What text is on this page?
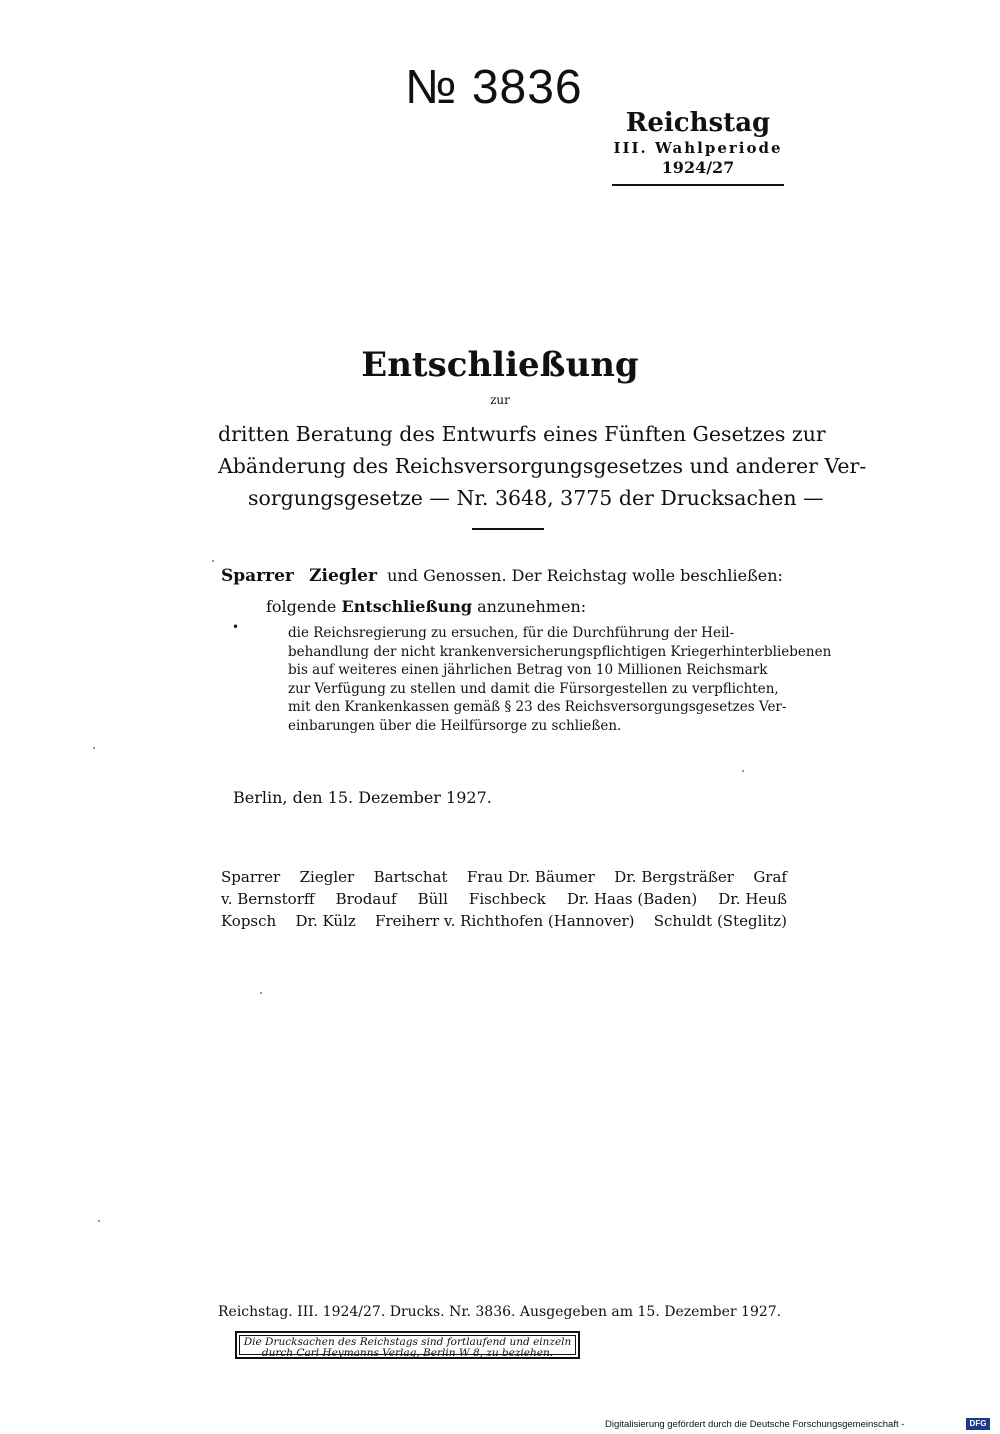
№ 3836
Reichstag
III. Wahlperiode
1924/27
Entschließung
zur
dritten Beratung des Entwurfs eines Fünften Gesetzes zur
Abänderung des Reichsversorgungsgesetzes und anderer Ver-
sorgungsgesetze — Nr. 3648, 3775 der Drucksachen —
Sparrer Ziegler und Genossen. Der Reichstag wolle beschließen:
folgende Entschließung anzunehmen:
•	die Reichsregierung zu ersuchen, für die Durchführung der Heil-
behandlung der nicht krankenversicherungspflichtigen Kriegerhinterbliebenen
bis auf weiteres einen jährlichen Betrag von 10 Millionen Reichsmark
zur Verfügung zu stellen und damit die Fürsorgestellen zu verpflichten,
mit den Krankenkassen gemäß § 23 des Reichsversorgungsgesetzes Ver-
einbarungen über die Heilfürsorge zu schließen.
Berlin, den 15. Dezember 1927.
Sparrer Ziegler Bartschat Frau Dr. Bäumer Dr. Bergsträßer Graf
v. Bernstorff Brodauf Büll Fischbeck Dr. Haas (Baden) Dr. Heuß
Kopsch Dr. Külz Freiherr v. Richthofen (Hannover) Schuldt (Steglitz)
Reichstag. III. 1924/27. Drucks. Nr. 3836. Ausgegeben am 15. Dezember 1927.
Die Drucksachen des Reichstags sind fortlaufend und einzeln
durch Carl Heymanns Verlag, Berlin W 8, zu beziehen.
Digitalisierung gefördert durch die Deutsche Forschungsgemeinschaft -	DFG
